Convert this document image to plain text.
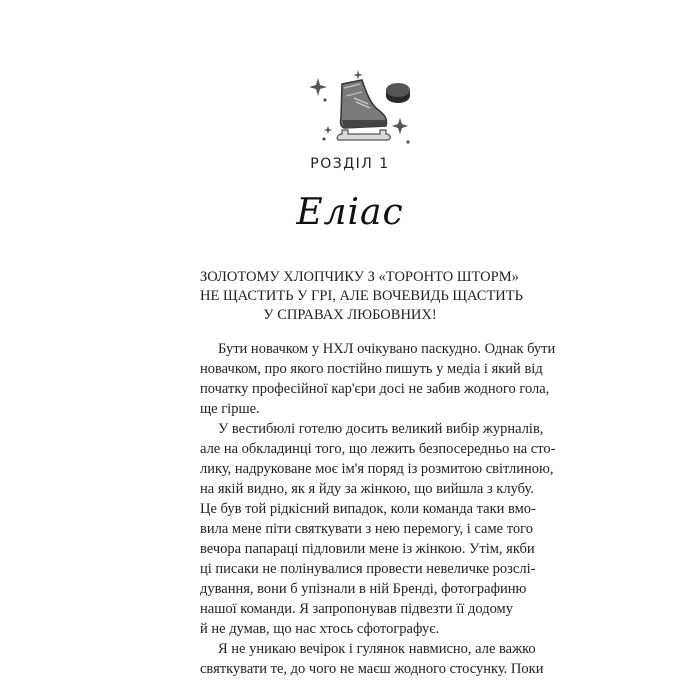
РОЗДІЛ 1
Еліас
ЗОЛОТОМУ ХЛОПЧИКУ З «ТОРОНТО ШТОРМ»
НЕ ЩАСТИТЬ У ГРІ, АЛЕ ВОЧЕВИДЬ ЩАСТИТЬ
У СПРАВАХ ЛЮБОВНИХ!
Бути новачком у НХЛ очікувано паскудно. Однак бути
новачком, про якого постійно пишуть у медіа і який від
початку професійної кар'єри досі не забив жодного гола,
ще гірше.
У вестибюлі готелю досить великий вибір журналів,
але на обкладинці того, що лежить безпосередньо на сто-
лику, надруковане моє ім'я поряд із розмитою світлиною,
на якій видно, як я йду за жінкою, що вийшла з клубу.
Це був той рідкісний випадок, коли команда таки вмо-
вила мене піти святкувати з нею перемогу, і саме того
вечора папараці підловили мене із жінкою. Утім, якби
ці писаки не полінувалися провести невеличке розслі-
дування, вони б упізнали в ній Бренді, фотографиню
нашої команди. Я запропонував підвезти її додому
й не думав, що нас хтось сфотографує.
Я не уникаю вечірок і гулянок навмисно, але важко
святкувати те, до чого не маєш жодного стосунку. Поки
